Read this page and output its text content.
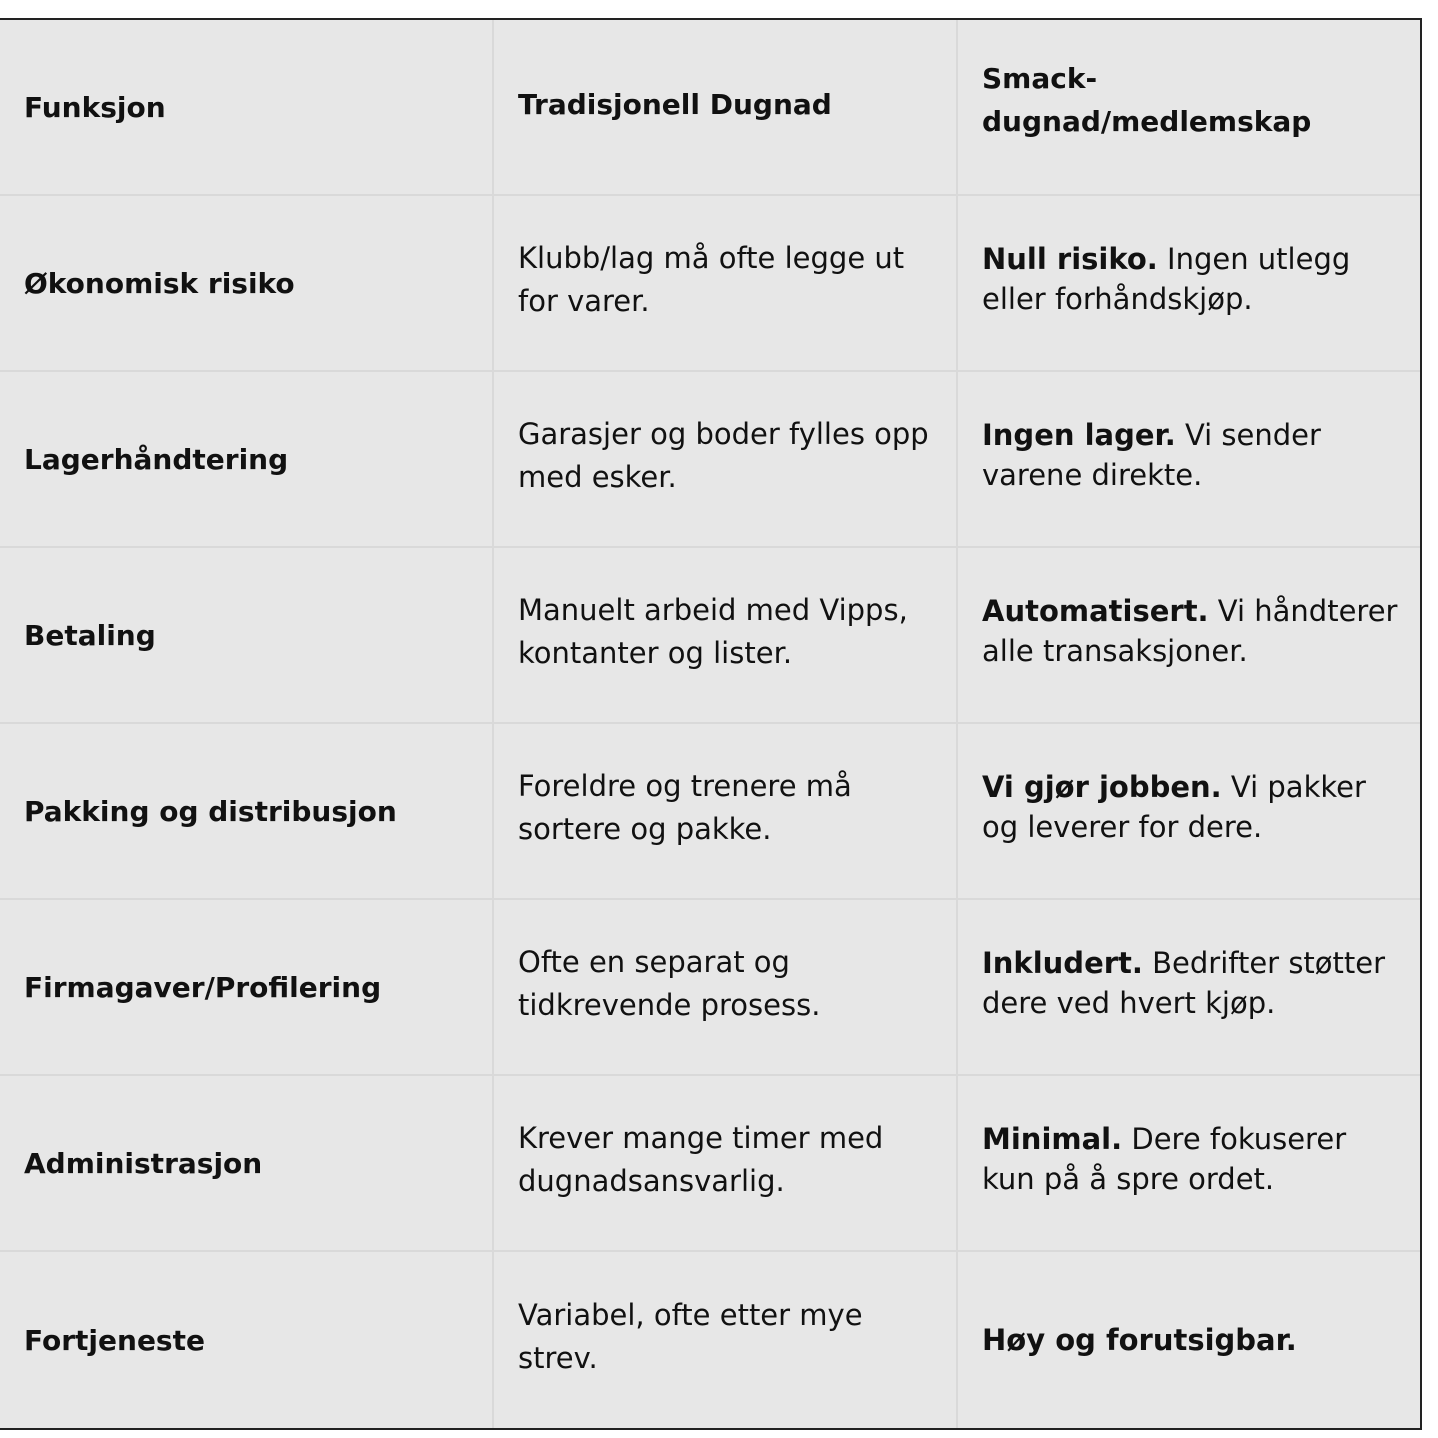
Funksjon	Tradisjonell Dugnad
Smack-dugnad/medlemskap
Økonomisk risiko
Klubb/lag må ofte legge ut for varer.
Null risiko. Ingen utlegg eller forhåndskjøp.
Lagerhåndtering
Garasjer og boder fylles opp med esker.
Ingen lager. Vi sender varene direkte.
Betaling
Manuelt arbeid med Vipps, kontanter og lister.
Automatisert. Vi håndterer alle transaksjoner.
Pakking og distribusjon
Foreldre og trenere må sortere og pakke.
Vi gjør jobben. Vi pakker og leverer for dere.
Firmagaver/Profilering
Ofte en separat og tidkrevende prosess.
Inkludert. Bedrifter støtter dere ved hvert kjøp.
Administrasjon
Krever mange timer med dugnadsansvarlig.
Minimal. Dere fokuserer kun på å spre ordet.
Fortjeneste
Variabel, ofte etter mye strev.
Høy og forutsigbar.
